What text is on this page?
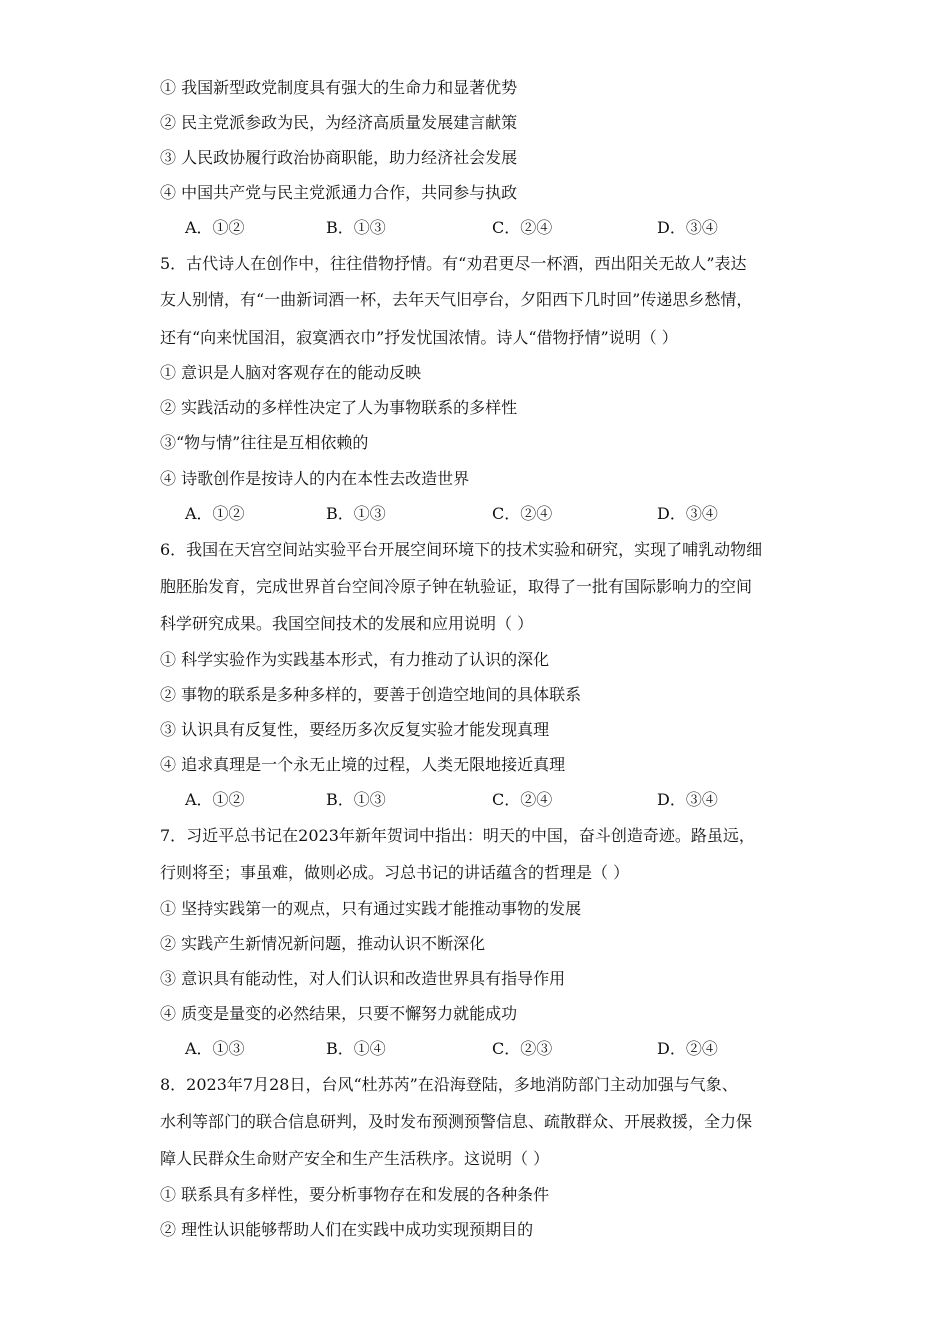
① 我国新型政党制度具有强大的生命力和显著优势
② 民主党派参政为民，为经济高质量发展建言献策
③ 人民政协履行政治协商职能，助力经济社会发展
④ 中国共产党与民主党派通力合作，共同参与执政
A．①②	B．①③	C．②④	D．③④
5．古代诗人在创作中，往往借物抒情。有“劝君更尽一杯酒，西出阳关无故人”表达
友人别情，有“一曲新词酒一杯，去年天气旧亭台，夕阳西下几时回”传递思乡愁情，
还有“向来忧国泪，寂寞洒衣巾”抒发忧国浓情。诗人“借物抒情”说明（ ）
① 意识是人脑对客观存在的能动反映
② 实践活动的多样性决定了人为事物联系的多样性
③“物与情”往往是互相依赖的
④ 诗歌创作是按诗人的内在本性去改造世界
A．①②	B．①③	C．②④	D．③④
6．我国在天宫空间站实验平台开展空间环境下的技术实验和研究，实现了哺乳动物细
胞胚胎发育，完成世界首台空间冷原子钟在轨验证，取得了一批有国际影响力的空间
科学研究成果。我国空间技术的发展和应用说明（ ）
① 科学实验作为实践基本形式，有力推动了认识的深化
② 事物的联系是多种多样的，要善于创造空地间的具体联系
③ 认识具有反复性，要经历多次反复实验才能发现真理
④ 追求真理是一个永无止境的过程，人类无限地接近真理
A．①②	B．①③	C．②④	D．③④
7．习近平总书记在2023年新年贺词中指出：明天的中国，奋斗创造奇迹。路虽远，
行则将至；事虽难，做则必成。习总书记的讲话蕴含的哲理是（ ）
① 坚持实践第一的观点，只有通过实践才能推动事物的发展
② 实践产生新情况新问题，推动认识不断深化
③ 意识具有能动性，对人们认识和改造世界具有指导作用
④ 质变是量变的必然结果，只要不懈努力就能成功
A．①③	B．①④	C．②③	D．②④
8．2023年7月28日，台风“杜苏芮”在沿海登陆，多地消防部门主动加强与气象、
水利等部门的联合信息研判，及时发布预测预警信息、疏散群众、开展救援，全力保
障人民群众生命财产安全和生产生活秩序。这说明（ ）
① 联系具有多样性，要分析事物存在和发展的各种条件
② 理性认识能够帮助人们在实践中成功实现预期目的
